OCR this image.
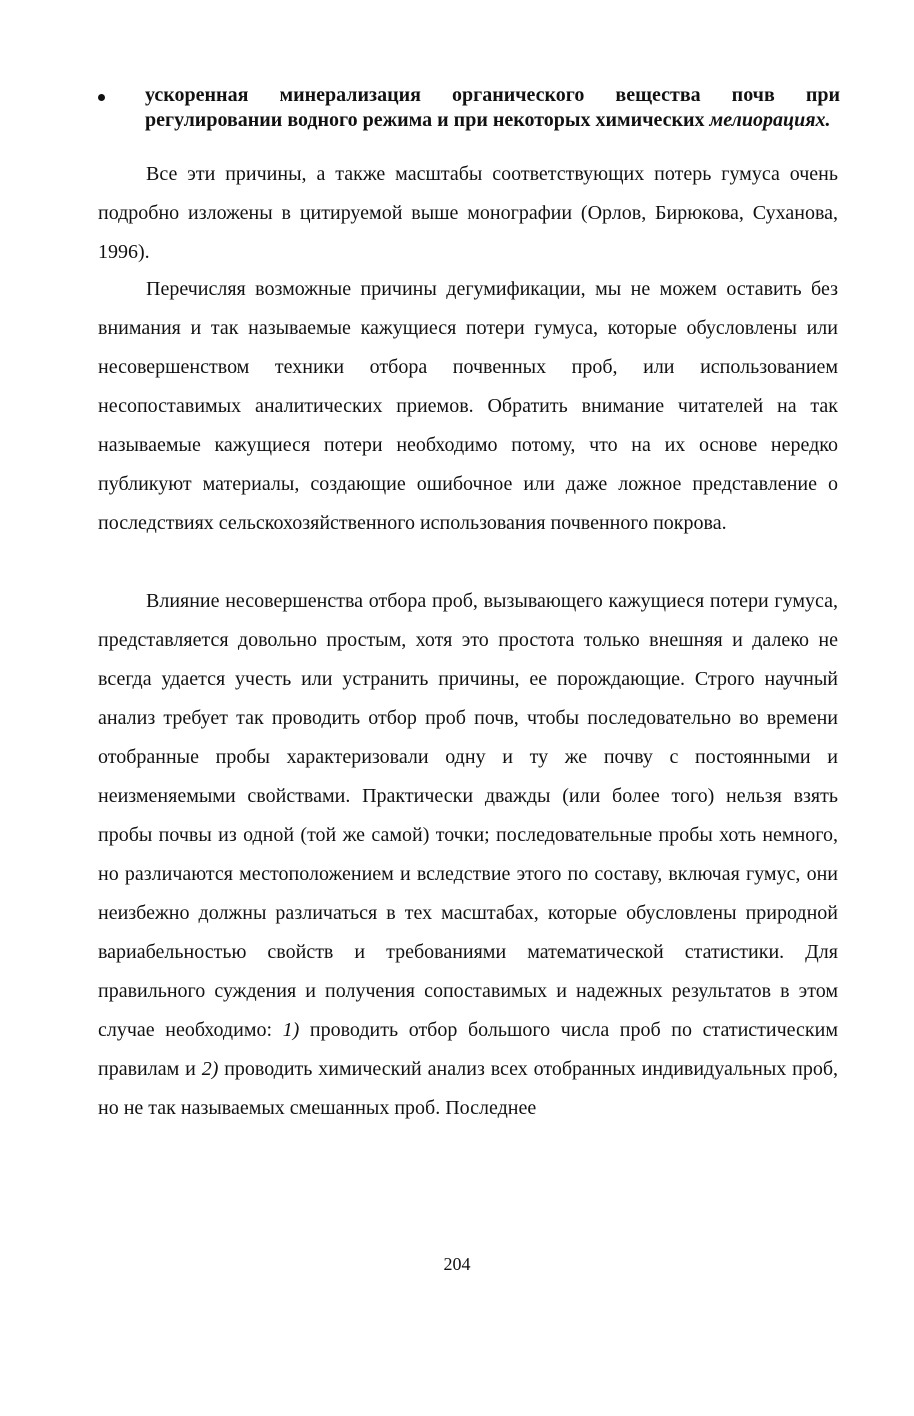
ускоренная минерализация органического вещества почв при регулировании водного режима и при некоторых химических мелиорациях.

Все эти причины, а также масштабы соответствующих потерь гумуса очень подробно изложены в цитируемой выше монографии (Орлов, Бирюкова, Суханова, 1996).

Перечисляя возможные причины дегумификации, мы не можем оставить без внимания и так называемые кажущиеся потери гумуса, которые обусловлены или несовершенством техники отбора почвенных проб, или использованием несопоставимых аналитических приемов. Обратить внимание читателей на так называемые кажущиеся потери необходимо потому, что на их основе нередко публикуют материалы, создающие ошибочное или даже ложное представление о последствиях сельскохозяйственного использования почвенного покрова.

Влияние несовершенства отбора проб, вызывающего кажущиеся потери гумуса, представляется довольно простым, хотя это простота только внешняя и далеко не всегда удается учесть или устранить причины, ее порождающие. Строго научный анализ требует так проводить отбор проб почв, чтобы последовательно во времени отобранные пробы характеризовали одну и ту же почву с постоянными и неизменяемыми свойствами. Практически дважды (или более того) нельзя взять пробы почвы из одной (той же самой) точки; последовательные пробы хоть немного, но различаются местоположением и вследствие этого по составу, включая гумус, они неизбежно должны различаться в тех масштабах, которые обусловлены природной вариабельностью свойств и требованиями математической статистики. Для правильного суждения и получения сопоставимых и надежных результатов в этом случае необходимо: 1) проводить отбор большого числа проб по статистическим правилам и 2) проводить химический анализ всех отобранных индивидуальных проб, но не так называемых смешанных проб. Последнее

204
